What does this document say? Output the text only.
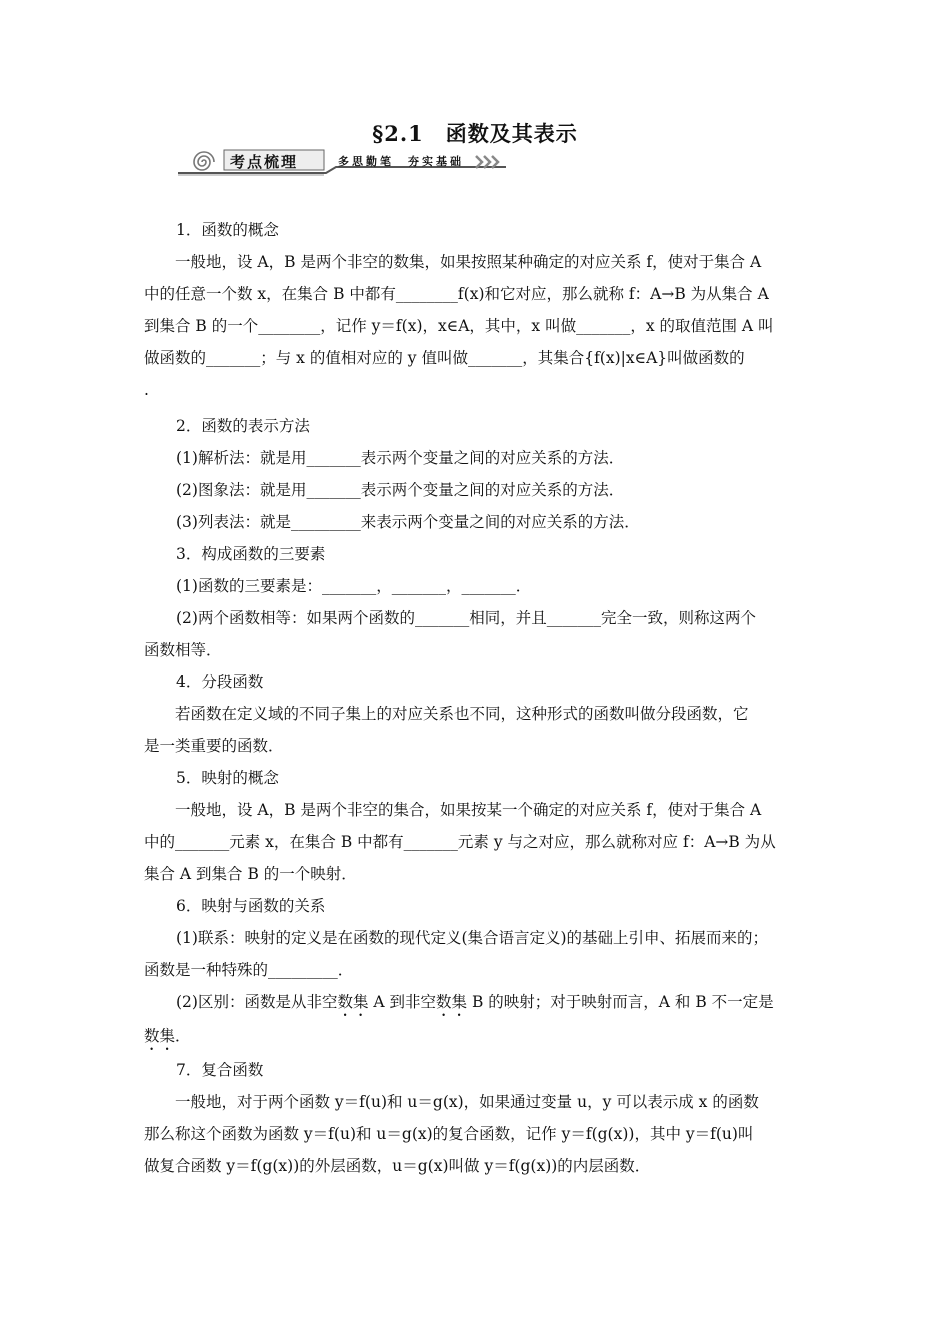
§2.1　函数及其表示
考点梳理	多思勤笔　夯实基础

1．函数的概念

一般地，设 A，B 是两个非空的数集，如果按照某种确定的对应关系 f，使对于集合 A

中的任意一个数 x，在集合 B 中都有________f(x)和它对应，那么就称 f：A→B 为从集合 A

到集合 B 的一个________，记作 y＝f(x)，x∈A，其中，x 叫做_______，x 的取值范围 A 叫

做函数的_______；与 x 的值相对应的 y 值叫做_______，其集合{f(x)|x∈A}叫做函数的

.

2．函数的表示方法

(1)解析法：就是用_______表示两个变量之间的对应关系的方法．

(2)图象法：就是用_______表示两个变量之间的对应关系的方法．

(3)列表法：就是_________来表示两个变量之间的对应关系的方法．

3．构成函数的三要素

(1)函数的三要素是：_______，_______，_______．

(2)两个函数相等：如果两个函数的_______相同，并且_______完全一致，则称这两个

函数相等．

4．分段函数

若函数在定义域的不同子集上的对应关系也不同，这种形式的函数叫做分段函数，它

是一类重要的函数．

5．映射的概念

一般地，设 A，B 是两个非空的集合，如果按某一个确定的对应关系 f，使对于集合 A

中的_______元素 x，在集合 B 中都有_______元素 y 与之对应，那么就称对应 f：A→B 为从

集合 A 到集合 B 的一个映射．

6．映射与函数的关系

(1)联系：映射的定义是在函数的现代定义(集合语言定义)的基础上引申、拓展而来的；

函数是一种特殊的_________．

(2)区别：函数是从非空数集 A 到非空数集 B 的映射；对于映射而言，A 和 B 不一定是

数集．

7．复合函数

一般地，对于两个函数 y＝f(u)和 u＝g(x)，如果通过变量 u，y 可以表示成 x 的函数

那么称这个函数为函数 y＝f(u)和 u＝g(x)的复合函数，记作 y＝f(g(x))，其中 y＝f(u)叫

做复合函数 y＝f(g(x))的外层函数，u＝g(x)叫做 y＝f(g(x))的内层函数．
